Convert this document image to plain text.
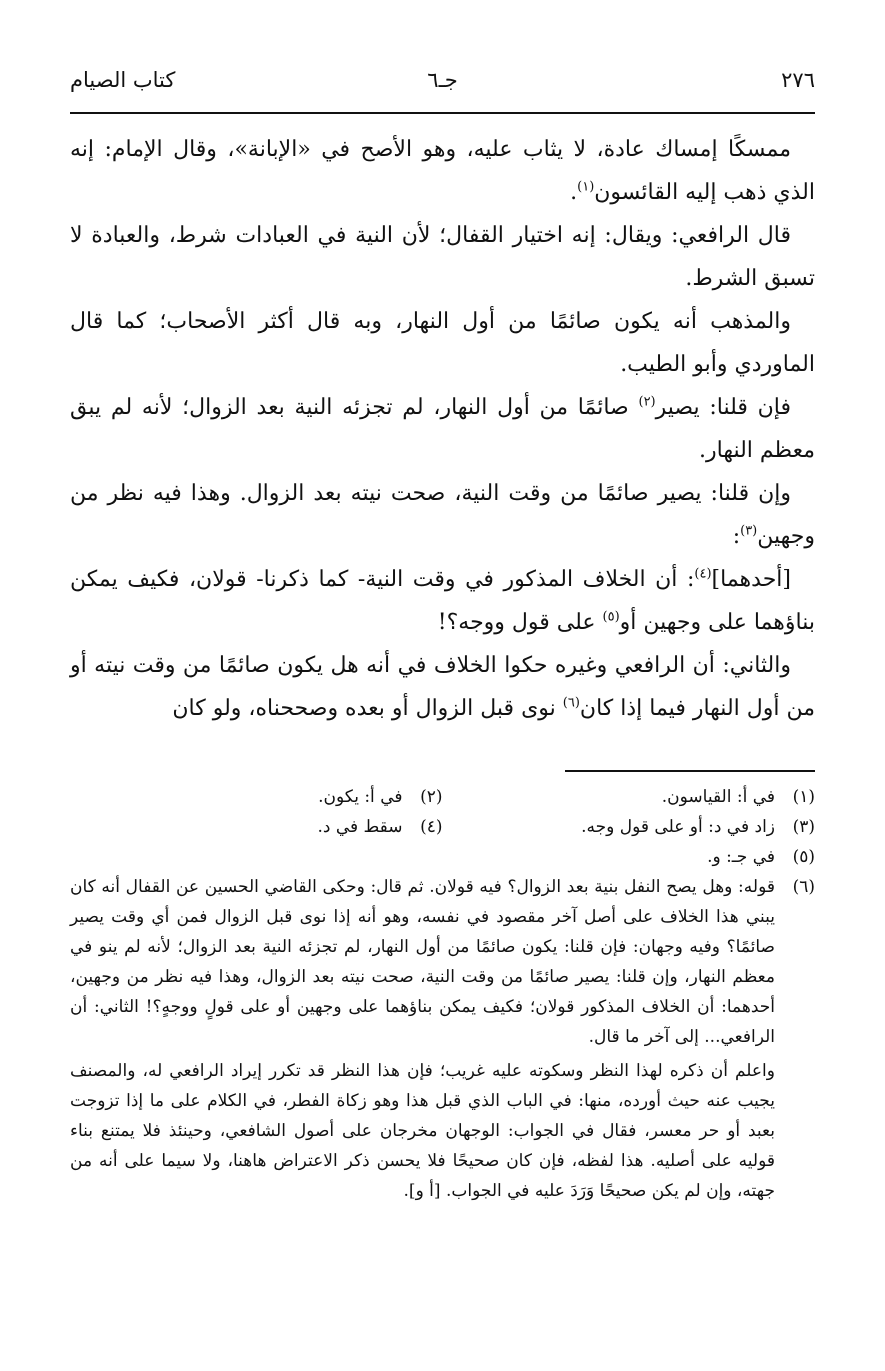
٢٧٦
جـ٦
كتاب الصيام

ممسكًا إمساك عادة، لا يثاب عليه، وهو الأصح في «الإبانة»، وقال الإمام: إنه الذي ذهب إليه القائسون$^{(١)}$.

قال الرافعي: ويقال: إنه اختيار القفال؛ لأن النية في العبادات شرط، والعبادة لا تسبق الشرط.

والمذهب أنه يكون صائمًا من أول النهار، وبه قال أكثر الأصحاب؛ كما قال الماوردي وأبو الطيب.

فإن قلنا: يصير$^{(٢)}$ صائمًا من أول النهار، لم تجزئه النية بعد الزوال؛ لأنه لم يبق معظم النهار.

وإن قلنا: يصير صائمًا من وقت النية، صحت نيته بعد الزوال. وهذا فيه نظر من وجهين$^{(٣)}$:

[أحدهما]$^{(٤)}$: أن الخلاف المذكور في وقت النية- كما ذكرنا- قولان، فكيف يمكن بناؤهما على وجهين أو$^{(٥)}$ على قول ووجه؟!

والثاني: أن الرافعي وغيره حكوا الخلاف في أنه هل يكون صائمًا من وقت نيته أو من أول النهار فيما إذا كان$^{(٦)}$ نوى قبل الزوال أو بعده وصححناه، ولو كان

(١)
في أ: القياسون.
(٢)
في أ: يكون.
(٣)
زاد في د: أو على قول وجه.
(٤)
سقط في د.
(٥)
في جـ: و.
(٦)

قوله: وهل يصح النفل بنية بعد الزوال؟ فيه قولان. ثم قال: وحكى القاضي الحسين عن القفال أنه كان يبني هذا الخلاف على أصل آخر مقصود في نفسه، وهو أنه إذا نوى قبل الزوال فمن أي وقت يصير صائمًا؟ وفيه وجهان: فإن قلنا: يكون صائمًا من أول النهار، لم تجزئه النية بعد الزوال؛ لأنه لم ينو في معظم النهار، وإن قلنا: يصير صائمًا من وقت النية، صحت نيته بعد الزوال، وهذا فيه نظر من وجهين، أحدهما: أن الخلاف المذكور قولان؛ فكيف يمكن بناؤهما على وجهين أو على قولٍ ووجهٍ؟! الثاني: أن الرافعي... إلى آخر ما قال.

واعلم أن ذكره لهذا النظر وسكوته عليه غريب؛ فإن هذا النظر قد تكرر إيراد الرافعي له، والمصنف يجيب عنه حيث أورده، منها: في الباب الذي قبل هذا وهو زكاة الفطر، في الكلام على ما إذا تزوجت بعبد أو حر معسر، فقال في الجواب: الوجهان مخرجان على أصول الشافعي، وحينئذ فلا يمتنع بناء قوليه على أصليه. هذا لفظه، فإن كان صحيحًا فلا يحسن ذكر الاعتراض هاهنا، ولا سيما على أنه من جهته، وإن لم يكن صحيحًا وَرَدَ عليه في الجواب. [أ و].
